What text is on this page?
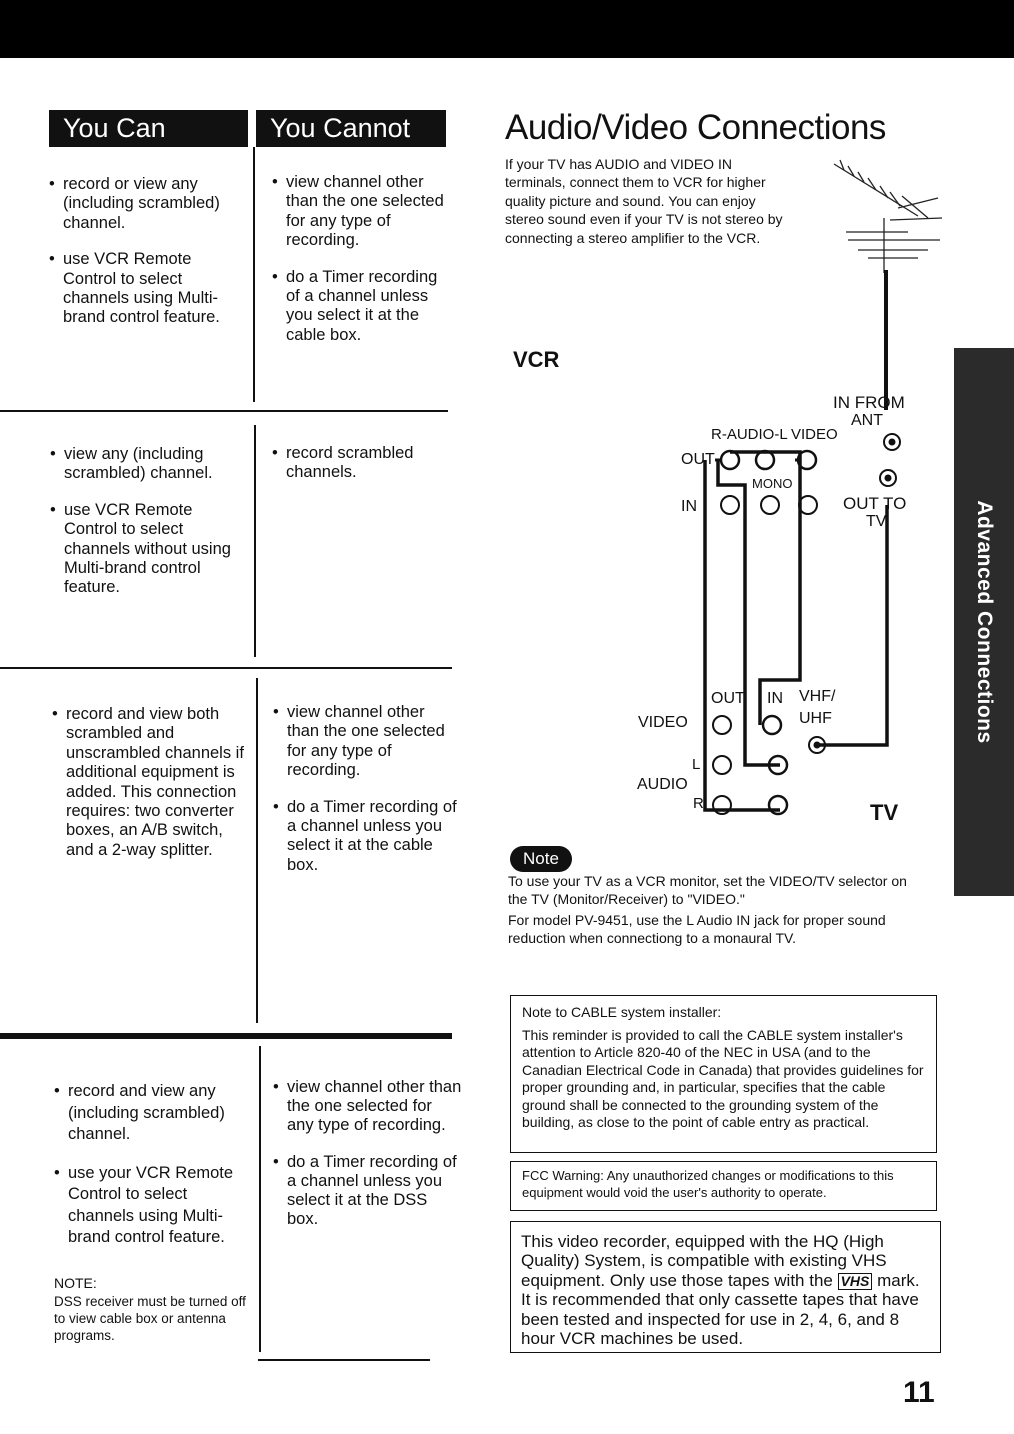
You Can	You Cannot
• record or view any (including scrambled) channel.
• use VCR Remote Control to select channels using Multi-brand control feature.
• view channel other than the one selected for any type of recording.
• do a Timer recording of a channel unless you select it at the cable box.
• view any (including scrambled) channel.
• use VCR Remote Control to select channels without using Multi-brand control feature.
• record scrambled channels.
• record and view both scrambled and unscrambled channels if additional equipment is added. This connection requires: two converter boxes, an A/B switch, and a 2-way splitter.
• view channel other than the one selected for any type of recording.
• do a Timer recording of a channel unless you select it at the cable box.
• record and view any (including scrambled) channel.
• use your VCR Remote Control to select channels using Multi-brand control feature.
NOTE:
DSS receiver must be turned off to view cable box or antenna programs.
• view channel other than the one selected for any type of recording.
• do a Timer recording of a channel unless you select it at the DSS box.
Audio/Video Connections
If your TV has AUDIO and VIDEO IN terminals, connect them to VCR for higher quality picture and sound. You can enjoy stereo sound even if your TV is not stereo by connecting a stereo amplifier to the VCR.
VCR
IN FROM
ANT
R-AUDIO-L VIDEO
OUT
IN
MONO
OUT TO
TV
OUT IN VHF/
UHF
VIDEO
L
AUDIO
R	TV
Note
To use your TV as a VCR monitor, set the VIDEO/TV selector on the TV (Monitor/Receiver) to "VIDEO."
For model PV-9451, use the L Audio IN jack for proper sound reduction when connectiong to a monaural TV.
Note to CABLE system installer:
This reminder is provided to call the CABLE system installer's attention to Article 820-40 of the NEC in USA (and to the Canadian Electrical Code in Canada) that provides guidelines for proper grounding and, in particular, specifies that the cable ground shall be connected to the grounding system of the building, as close to the point of cable entry as practical.
FCC Warning: Any unauthorized changes or modifications to this equipment would void the user's authority to operate.
This video recorder, equipped with the HQ (High Quality) System, is compatible with existing VHS equipment. Only use those tapes with the VHS mark. It is recommended that only cassette tapes that have been tested and inspected for use in 2, 4, 6, and 8 hour VCR machines be used.
Advanced Connections
11
